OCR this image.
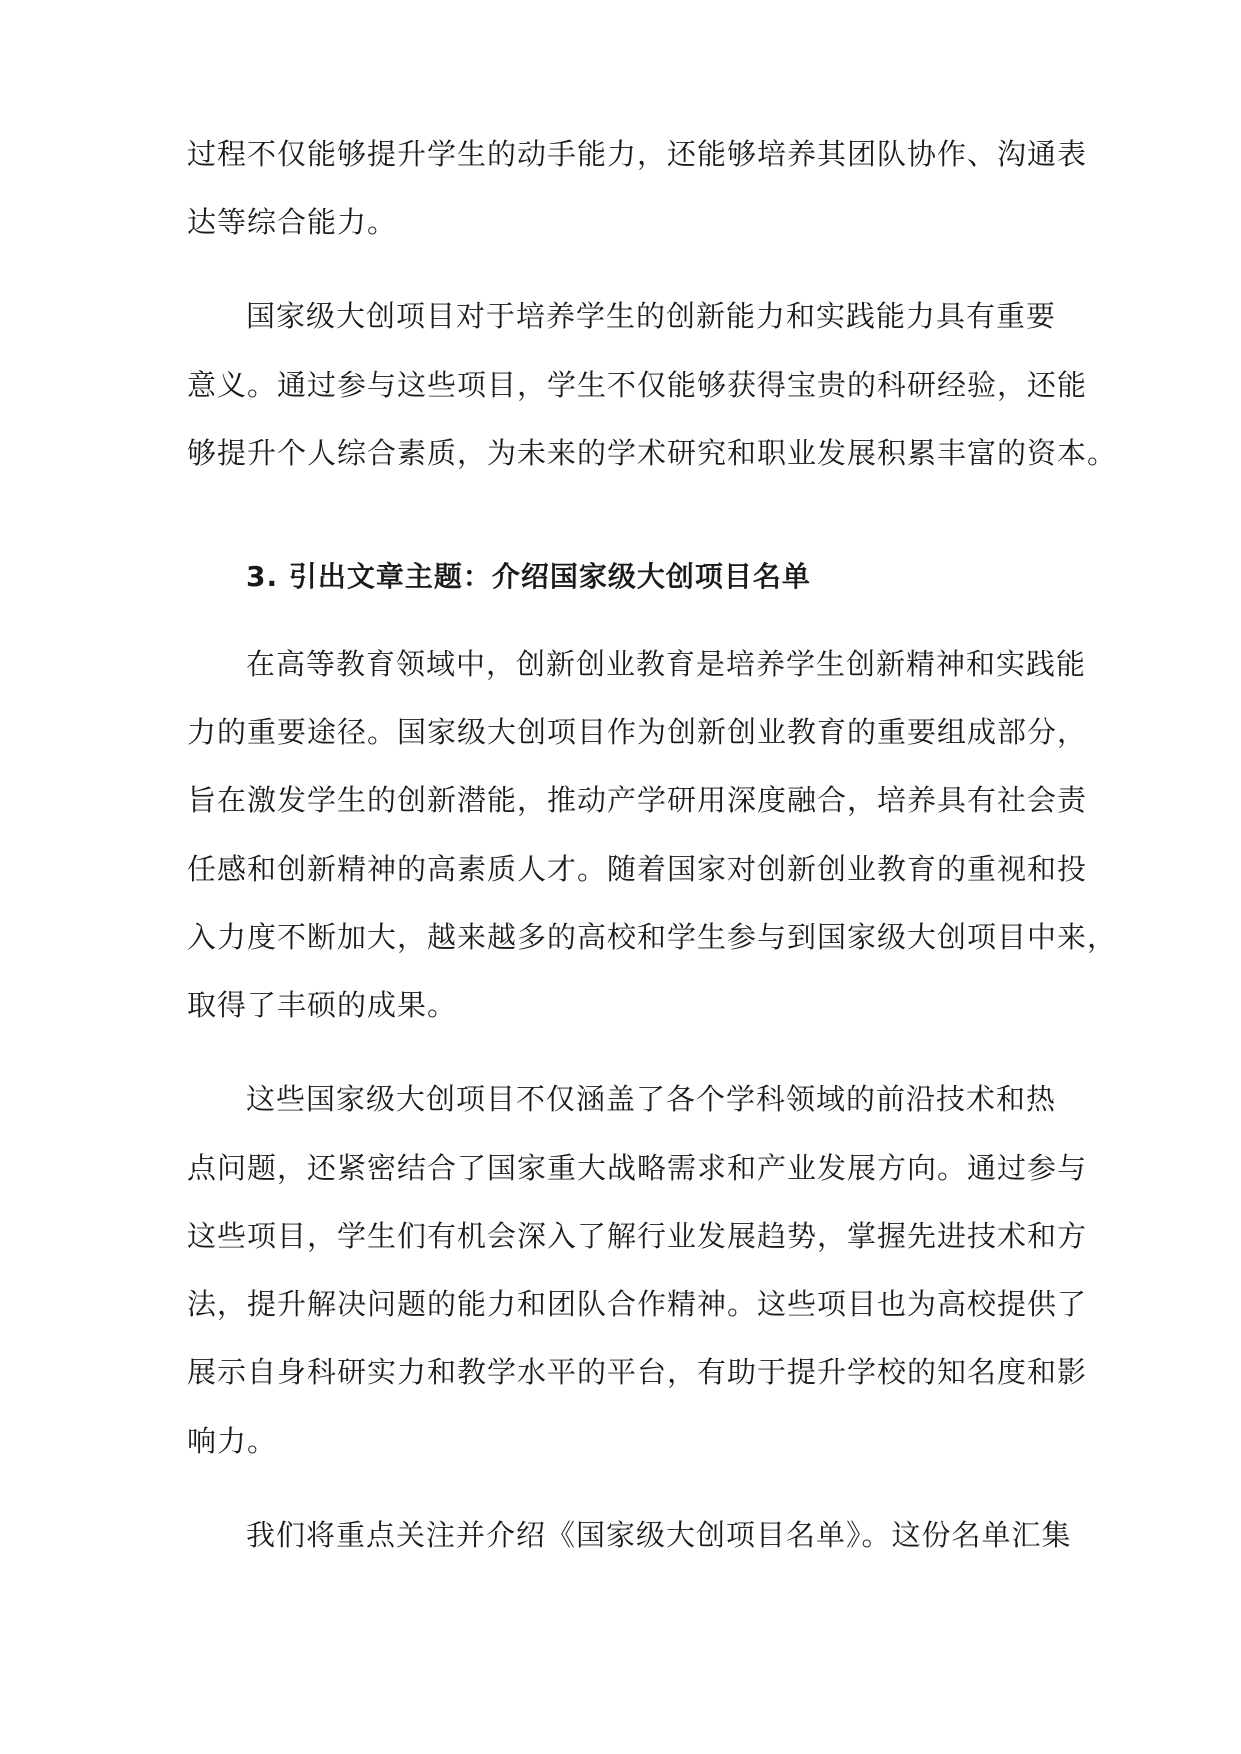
过程不仅能够提升学生的动手能力，还能够培养其团队协作、沟通表
达等综合能力。
国家级大创项目对于培养学生的创新能力和实践能力具有重要
意义。通过参与这些项目，学生不仅能够获得宝贵的科研经验，还能
够提升个人综合素质，为未来的学术研究和职业发展积累丰富的资本。
3. 引出文章主题：介绍国家级大创项目名单
在高等教育领域中，创新创业教育是培养学生创新精神和实践能
力的重要途径。国家级大创项目作为创新创业教育的重要组成部分，
旨在激发学生的创新潜能，推动产学研用深度融合，培养具有社会责
任感和创新精神的高素质人才。随着国家对创新创业教育的重视和投
入力度不断加大，越来越多的高校和学生参与到国家级大创项目中来，
取得了丰硕的成果。
这些国家级大创项目不仅涵盖了各个学科领域的前沿技术和热
点问题，还紧密结合了国家重大战略需求和产业发展方向。通过参与
这些项目，学生们有机会深入了解行业发展趋势，掌握先进技术和方
法，提升解决问题的能力和团队合作精神。这些项目也为高校提供了
展示自身科研实力和教学水平的平台，有助于提升学校的知名度和影
响力。
我们将重点关注并介绍《国家级大创项目名单》。这份名单汇集
